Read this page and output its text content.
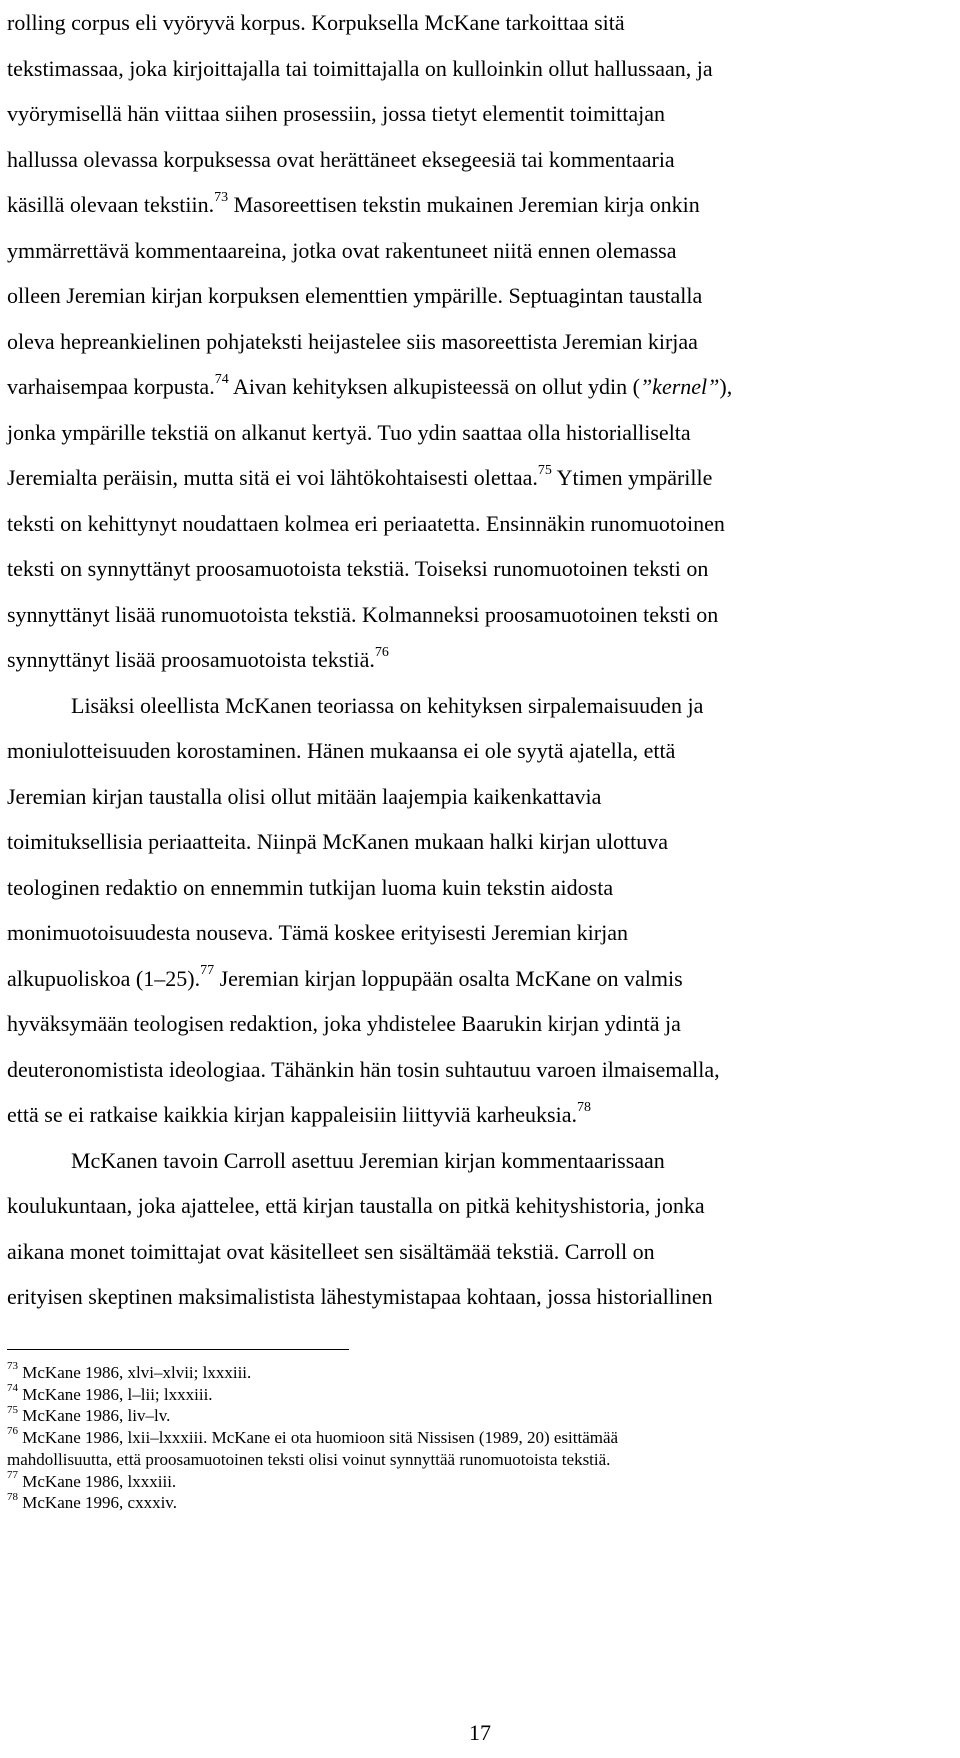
rolling corpus eli vyöryvä korpus. Korpuksella McKane tarkoittaa sitä
tekstimassaa, joka kirjoittajalla tai toimittajalla on kulloinkin ollut hallussaan, ja
vyörymisellä hän viittaa siihen prosessiin, jossa tietyt elementit toimittajan
hallussa olevassa korpuksessa ovat herättäneet eksegeesiä tai kommentaaria
käsillä olevaan tekstiin.$^{73}$ Masoreettisen tekstin mukainen Jeremian kirja onkin
ymmärrettävä kommentaareina, jotka ovat rakentuneet niitä ennen olemassa
olleen Jeremian kirjan korpuksen elementtien ympärille. Septuagintan taustalla
oleva hepreankielinen pohjateksti heijastelee siis masoreettista Jeremian kirjaa
varhaisempaa korpusta.$^{74}$ Aivan kehityksen alkupisteessä on ollut ydin (”kernel”),
jonka ympärille tekstiä on alkanut kertyä. Tuo ydin saattaa olla historialliselta
Jeremialta peräisin, mutta sitä ei voi lähtökohtaisesti olettaa.$^{75}$ Ytimen ympärille
teksti on kehittynyt noudattaen kolmea eri periaatetta. Ensinnäkin runomuotoinen
teksti on synnyttänyt proosamuotoista tekstiä. Toiseksi runomuotoinen teksti on
synnyttänyt lisää runomuotoista tekstiä. Kolmanneksi proosamuotoinen teksti on
synnyttänyt lisää proosamuotoista tekstiä.$^{76}$
Lisäksi oleellista McKanen teoriassa on kehityksen sirpalemaisuuden ja
moniulotteisuuden korostaminen. Hänen mukaansa ei ole syytä ajatella, että
Jeremian kirjan taustalla olisi ollut mitään laajempia kaikenkattavia
toimituksellisia periaatteita. Niinpä McKanen mukaan halki kirjan ulottuva
teologinen redaktio on ennemmin tutkijan luoma kuin tekstin aidosta
monimuotoisuudesta nouseva. Tämä koskee erityisesti Jeremian kirjan
alkupuoliskoa (1–25).$^{77}$ Jeremian kirjan loppupään osalta McKane on valmis
hyväksymään teologisen redaktion, joka yhdistelee Baarukin kirjan ydintä ja
deuteronomistista ideologiaa. Tähänkin hän tosin suhtautuu varoen ilmaisemalla,
että se ei ratkaise kaikkia kirjan kappaleisiin liittyviä karheuksia.$^{78}$
McKanen tavoin Carroll asettuu Jeremian kirjan kommentaarissaan
koulukuntaan, joka ajattelee, että kirjan taustalla on pitkä kehityshistoria, jonka
aikana monet toimittajat ovat käsitelleet sen sisältämää tekstiä. Carroll on
erityisen skeptinen maksimalistista lähestymistapaa kohtaan, jossa historiallinen
$^{73}$ McKane 1986, xlvi–xlvii; lxxxiii.
$^{74}$ McKane 1986, l–lii; lxxxiii.
$^{75}$ McKane 1986, liv–lv.
$^{76}$ McKane 1986, lxii–lxxxiii. McKane ei ota huomioon sitä Nissisen (1989, 20) esittämää
mahdollisuutta, että proosamuotoinen teksti olisi voinut synnyttää runomuotoista tekstiä.
$^{77}$ McKane 1986, lxxxiii.
$^{78}$ McKane 1996, cxxxiv.
17
